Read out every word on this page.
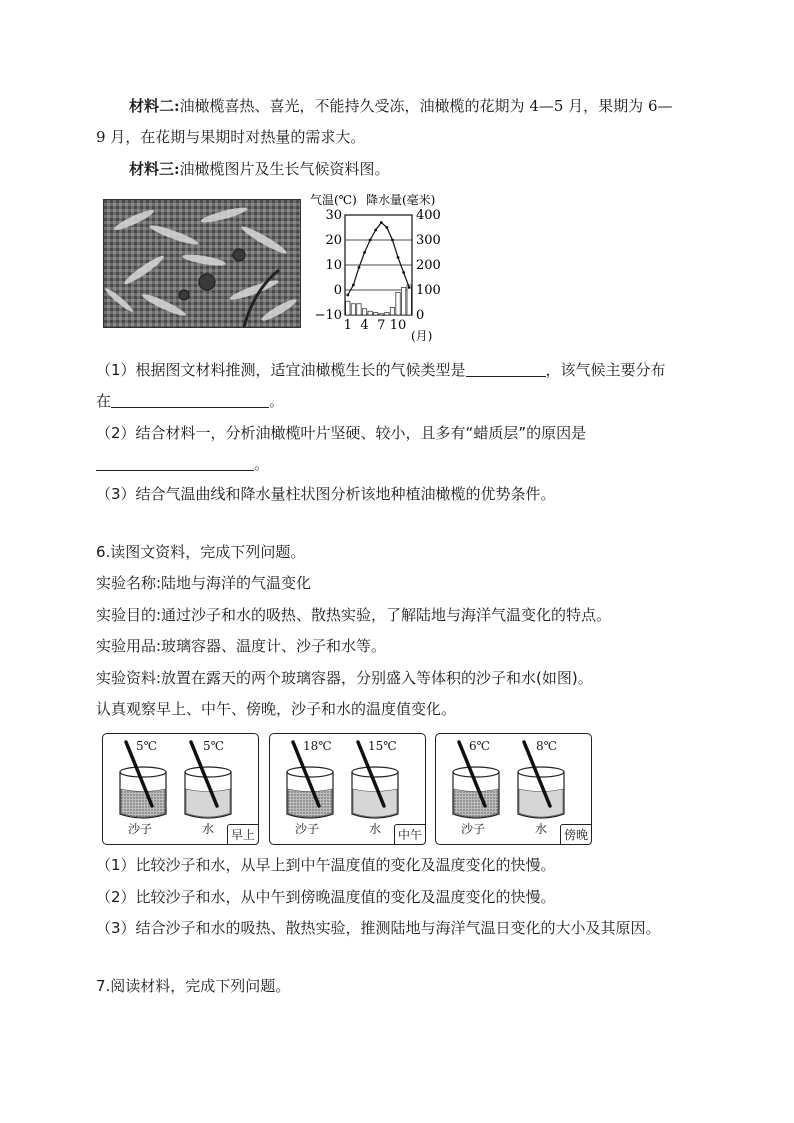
材料二:油橄榄喜热、喜光，不能持久受冻，油橄榄的花期为 4—5 月，果期为 6—
9 月，在花期与果期时对热量的需求大。
材料三:油橄榄图片及生长气候资料图。
气温(℃) 降水量(毫米)
30
20
10
0
−10
400
300
200
100
0
1 4 7 10
(月)
（1）根据图文材料推测，适宜油橄榄生长的气候类型是	，该气候主要分布
在	。
（2）结合材料一，分析油橄榄叶片坚硬、较小，且多有“蜡质层”的原因是
。
（3）结合气温曲线和降水量柱状图分析该地种植油橄榄的优势条件。
6.读图文资料，完成下列问题。
实验名称:陆地与海洋的气温变化
实验目的:通过沙子和水的吸热、散热实验，了解陆地与海洋气温变化的特点。
实验用品:玻璃容器、温度计、沙子和水等。
实验资料:放置在露天的两个玻璃容器，分别盛入等体积的沙子和水(如图)。
认真观察早上、中午、傍晚，沙子和水的温度值变化。
5℃	5℃
沙子	水	早上
18℃	15℃
沙子	水	中午
6℃	8℃
沙子	水	傍晚
（1）比较沙子和水，从早上到中午温度值的变化及温度变化的快慢。
（2）比较沙子和水，从中午到傍晚温度值的变化及温度变化的快慢。
（3）结合沙子和水的吸热、散热实验，推测陆地与海洋气温日变化的大小及其原因。
7.阅读材料，完成下列问题。
